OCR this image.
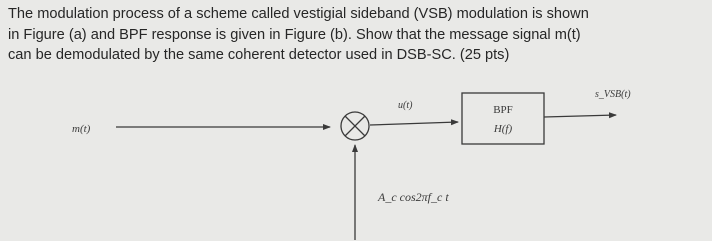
The modulation process of a scheme called vestigial sideband (VSB) modulation is shown
in Figure (a) and BPF response is given in Figure (b). Show that the message signal m(t)
can be demodulated by the same coherent detector used in DSB-SC. (25 pts)
m(t)
A_c cos2πf_c t
u(t)	BPF
H(f)
s_VSB(t)
